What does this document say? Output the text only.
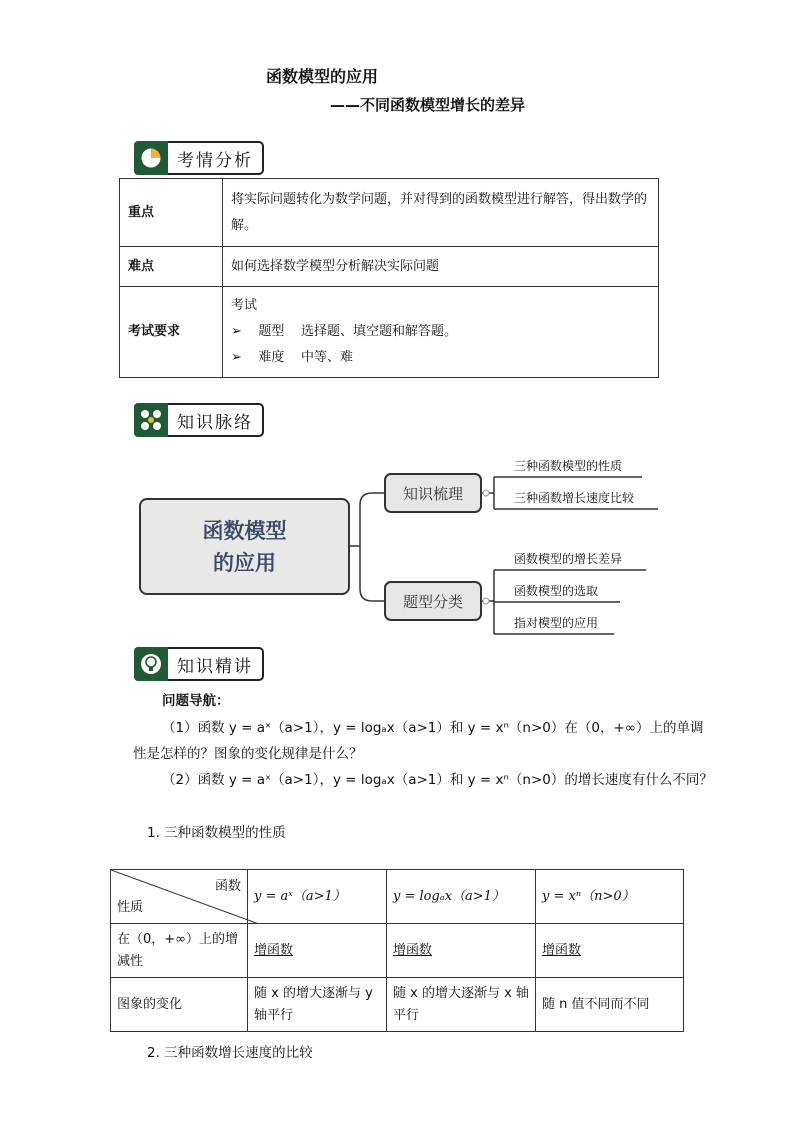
函数模型的应用
——不同函数模型增长的差异
考情分析
重点	将实际问题转化为数学问题，并对得到的函数模型进行解答，得出数学的解。
难点	如何选择数学模型分析解决实际问题
考试要求	考试
➢    题型    选择题、填空题和解答题。
➢    难度    中等、难
知识脉络
函数模型
的应用
知识梳理
题型分类
三种函数模型的性质
三种函数增长速度比较
函数模型的增长差异
函数模型的选取
指对模型的应用
知识精讲
问题导航：
（1）函数 y = aˣ（a>1），y = logₐx（a>1）和 y = xⁿ（n>0）在（0，+∞）上的单调
性是怎样的？图象的变化规律是什么？
（2）函数 y = aˣ（a>1），y = logₐx（a>1）和 y = xⁿ（n>0）的增长速度有什么不同？
1. 三种函数模型的性质
函数
性质	y = aˣ（a>1）	y = logₐx（a>1）	y = xⁿ（n>0）
在（0，+∞）上的增减性	增函数	增函数	增函数
图象的变化	随 x 的增大逐渐与 y 轴平行	随 x 的增大逐渐与 x 轴平行	随 n 值不同而不同
2. 三种函数增长速度的比较
